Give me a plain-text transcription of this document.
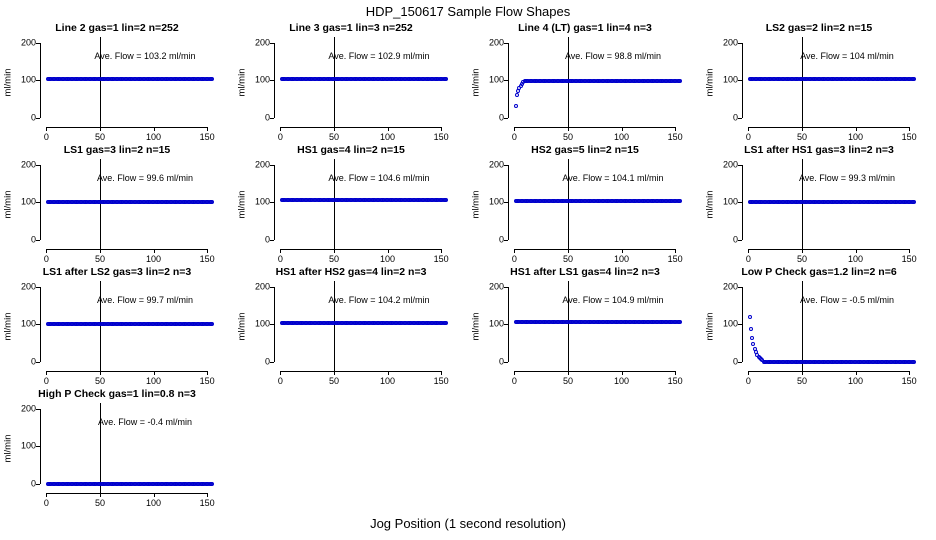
HDP_150617 Sample Flow Shapes
Line 2 gas=1 lin=2 n=252
ml/min
0
100
200
0	50	100	150
Ave. Flow = 103.2 ml/min
Line 3 gas=1 lin=3 n=252
ml/min
0
100
200
0	50	100	150
Ave. Flow = 102.9 ml/min
Line 4 (LT) gas=1 lin=4 n=3
ml/min
0
100
200
0	50	100	150
Ave. Flow = 98.8 ml/min
LS2 gas=2 lin=2 n=15
ml/min
0
100
200
0	50	100	150
Ave. Flow = 104 ml/min
LS1 gas=3 lin=2 n=15
ml/min
0
100
200
0	50	100	150
Ave. Flow = 99.6 ml/min
HS1 gas=4 lin=2 n=15
ml/min
0
100
200
0	50	100	150
Ave. Flow = 104.6 ml/min
HS2 gas=5 lin=2 n=15
ml/min
0
100
200
0	50	100	150
Ave. Flow = 104.1 ml/min
LS1 after HS1 gas=3 lin=2 n=3
ml/min
0
100
200
0	50	100	150
Ave. Flow = 99.3 ml/min
LS1 after LS2 gas=3 lin=2 n=3
ml/min
0
100
200
0	50	100	150
Ave. Flow = 99.7 ml/min
HS1 after HS2 gas=4 lin=2 n=3
ml/min
0
100
200
0	50	100	150
Ave. Flow = 104.2 ml/min
HS1 after LS1 gas=4 lin=2 n=3
ml/min
0
100
200
0	50	100	150
Ave. Flow = 104.9 ml/min
Low P Check gas=1.2 lin=2 n=6
ml/min
0
100
200
0	50	100	150
Ave. Flow = -0.5 ml/min
High P Check gas=1 lin=0.8 n=3
ml/min
0
100
200
0	50	100	150
Ave. Flow = -0.4 ml/min
Jog Position (1 second resolution)
